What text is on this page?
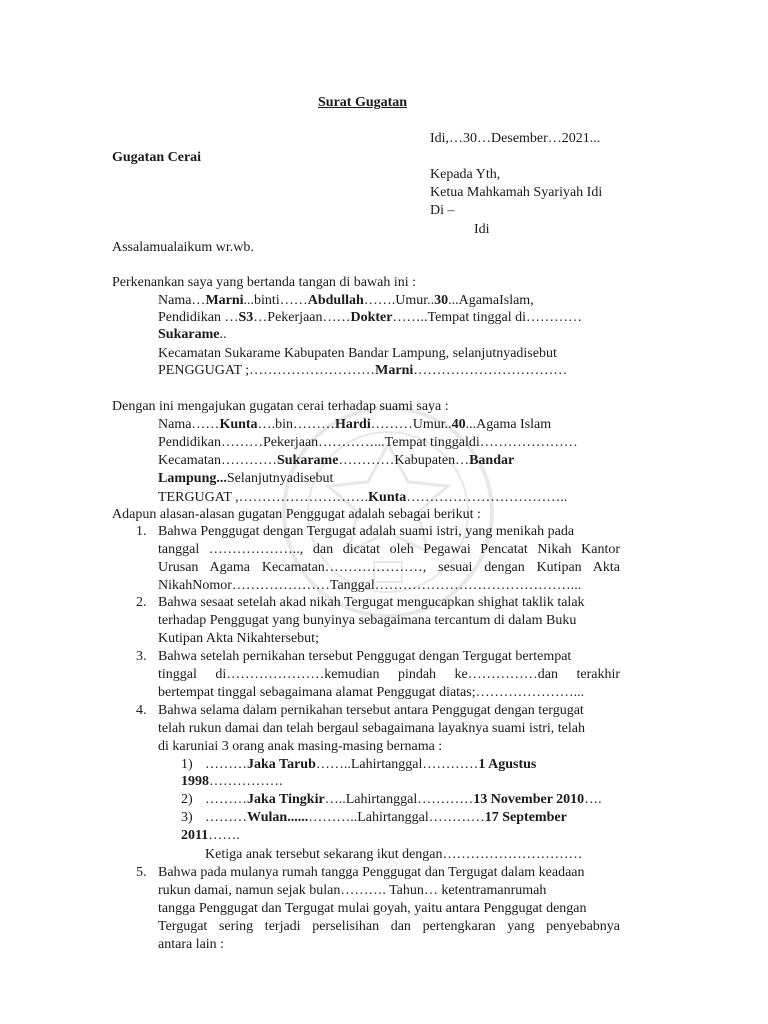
Surat Gugatan
Idi,…30…Desember…2021...
Gugatan Cerai
Kepada Yth,
Ketua Mahkamah Syariyah Idi
Di –
Idi
Assalamualaikum wr.wb.
Perkenankan saya yang bertanda tangan di bawah ini :
Nama…Marni...binti……Abdullah…….Umur..30...AgamaIslam,
Pendidikan …S3…Pekerjaan……Dokter……..Tempat tinggal di…………
Sukarame..
Kecamatan Sukarame Kabupaten Bandar Lampung, selanjutnyadisebut
PENGGUGAT ;………………………Marni……………………………
Dengan ini mengajukan gugatan cerai terhadap suami saya :
Nama……Kunta….bin………Hardi………Umur..40...Agama Islam
Pendidikan………Pekerjaan…………...Tempat tinggaldi…………………
Kecamatan…………Sukarame…………Kabupaten…Bandar
Lampung...Selanjutnyadisebut
TERGUGAT ,……………………….Kunta……………………………..
Adapun alasan-alasan gugatan Penggugat adalah sebagai berikut :
1. Bahwa Penggugat dengan Tergugat adalah suami istri, yang menikah pada
tanggal ……………….., dan dicatat oleh Pegawai Pencatat Nikah Kantor
Urusan Agama Kecamatan…………………, sesuai dengan Kutipan Akta
NikahNomor…………………Tanggal……………………………………...
2. Bahwa sesaat setelah akad nikah Tergugat mengucapkan shighat taklik talak
terhadap Penggugat yang bunyinya sebagaimana tercantum di dalam Buku
Kutipan Akta Nikahtersebut;
3. Bahwa setelah pernikahan tersebut Penggugat dengan Tergugat bertempat
tinggal di…………………kemudian pindah ke……………dan terakhir
bertempat tinggal sebagaimana alamat Penggugat diatas;…………………...
4. Bahwa selama dalam pernikahan tersebut antara Penggugat dengan tergugat
telah rukun damai dan telah bergaul sebagaimana layaknya suami istri, telah
di karuniai 3 orang anak masing-masing bernama :
1) ………Jaka Tarub……..Lahirtanggal…………1 Agustus
1998…………….
2) ………Jaka Tingkir…..Lahirtanggal…………13 November 2010….
3) ………Wulan......………..Lahirtanggal…………17 September
2011…….
Ketiga anak tersebut sekarang ikut dengan…………………………
5. Bahwa pada mulanya rumah tangga Penggugat dan Tergugat dalam keadaan
rukun damai, namun sejak bulan………. Tahun… ketentramanrumah
tangga Penggugat dan Tergugat mulai goyah, yaitu antara Penggugat dengan
Tergugat sering terjadi perselisihan dan pertengkaran yang penyebabnya
antara lain :
